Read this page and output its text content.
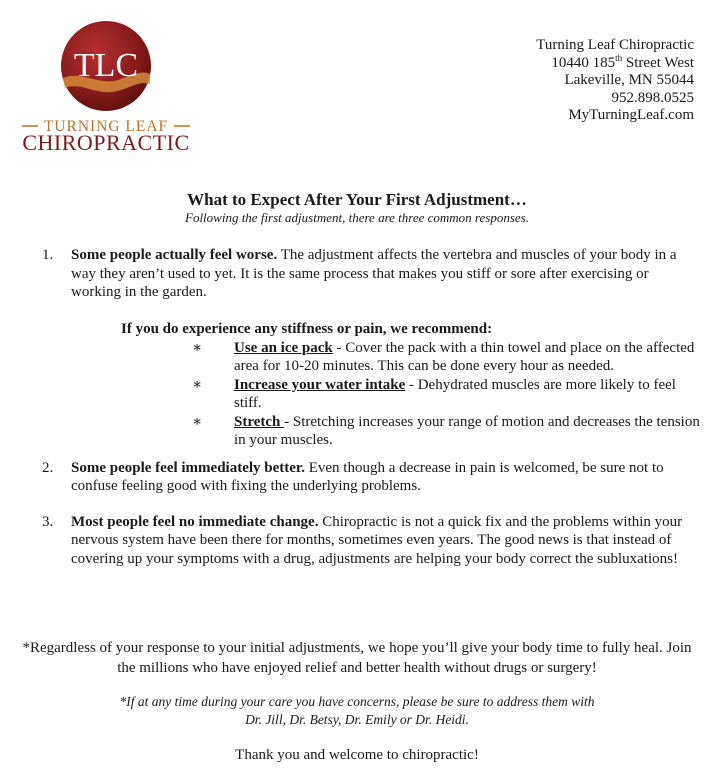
TLC
TURNING LEAF
CHIROPRACTIC
Turning Leaf Chiropractic
10440 185th Street West
Lakeville, MN 55044
952.898.0525
MyTurningLeaf.com

What to Expect After Your First Adjustment…

Following the first adjustment, there are three common responses.

1. Some people actually feel worse. The adjustment affects the vertebra and muscles of your body in a way they aren’t used to yet. It is the same process that makes you stiff or sore after exercising or working in the garden.
If you do experience any stiffness or pain, we recommend:
∗ Use an ice pack - Cover the pack with a thin towel and place on the affected area for 10-20 minutes. This can be done every hour as needed.
∗ Increase your water intake - Dehydrated muscles are more likely to feel stiff.
∗ Stretch - Stretching increases your range of motion and decreases the tension in your muscles.
2. Some people feel immediately better. Even though a decrease in pain is welcomed, be sure not to confuse feeling good with fixing the underlying problems.
3. Most people feel no immediate change. Chiropractic is not a quick fix and the problems within your nervous system have been there for months, sometimes even years. The good news is that instead of covering up your symptoms with a drug, adjustments are helping your body correct the subluxations!
*Regardless of your response to your initial adjustments, we hope you’ll give your body time to fully heal. Join the millions who have enjoyed relief and better health without drugs or surgery!
*If at any time during your care you have concerns, please be sure to address them with
Dr. Jill, Dr. Betsy, Dr. Emily or Dr. Heidi.
Thank you and welcome to chiropractic!
